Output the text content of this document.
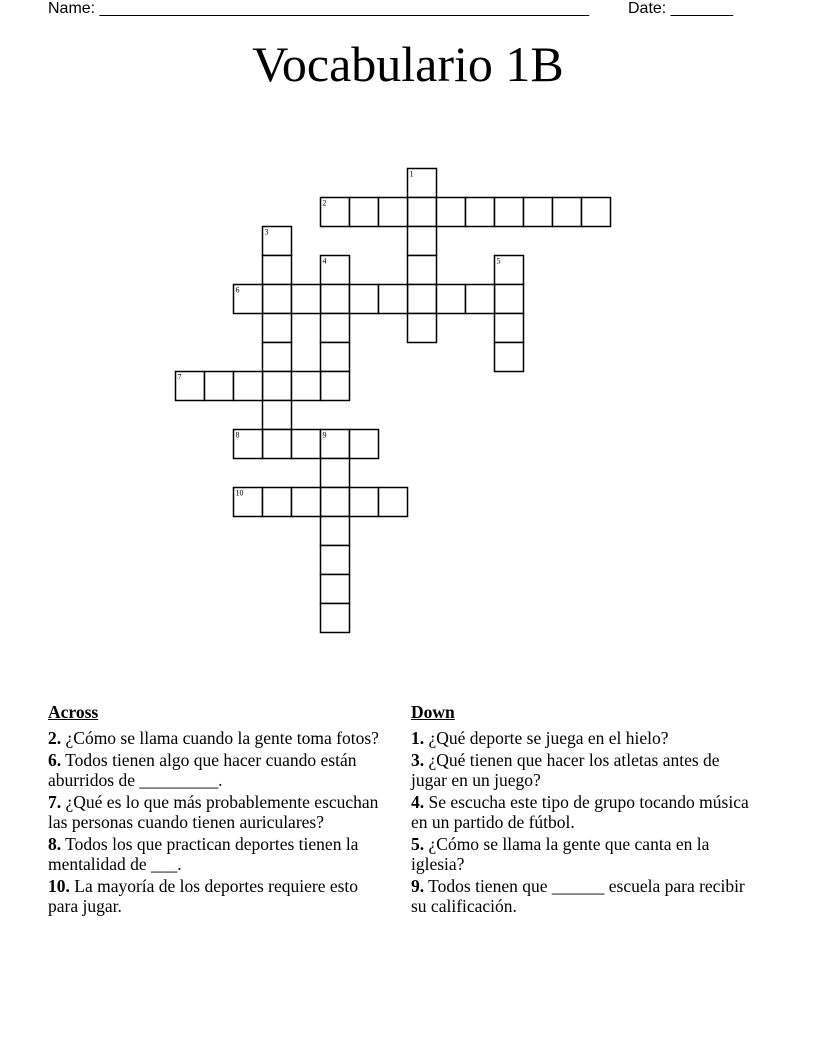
Name: _______________________________________________________ Date: _______
Vocabulario 1B
1
2
3
4	5
6
7
8	9
10
Across
2. ¿Cómo se llama cuando la gente toma fotos?
6. Todos tienen algo que hacer cuando están aburridos de _________.
7. ¿Qué es lo que más probablemente escuchan las personas cuando tienen auriculares?
8. Todos los que practican deportes tienen la mentalidad de ___.
10. La mayoría de los deportes requiere esto para jugar.
Down
1. ¿Qué deporte se juega en el hielo?
3. ¿Qué tienen que hacer los atletas antes de jugar en un juego?
4. Se escucha este tipo de grupo tocando música en un partido de fútbol.
5. ¿Cómo se llama la gente que canta en la iglesia?
9. Todos tienen que ______ escuela para recibir su calificación.
